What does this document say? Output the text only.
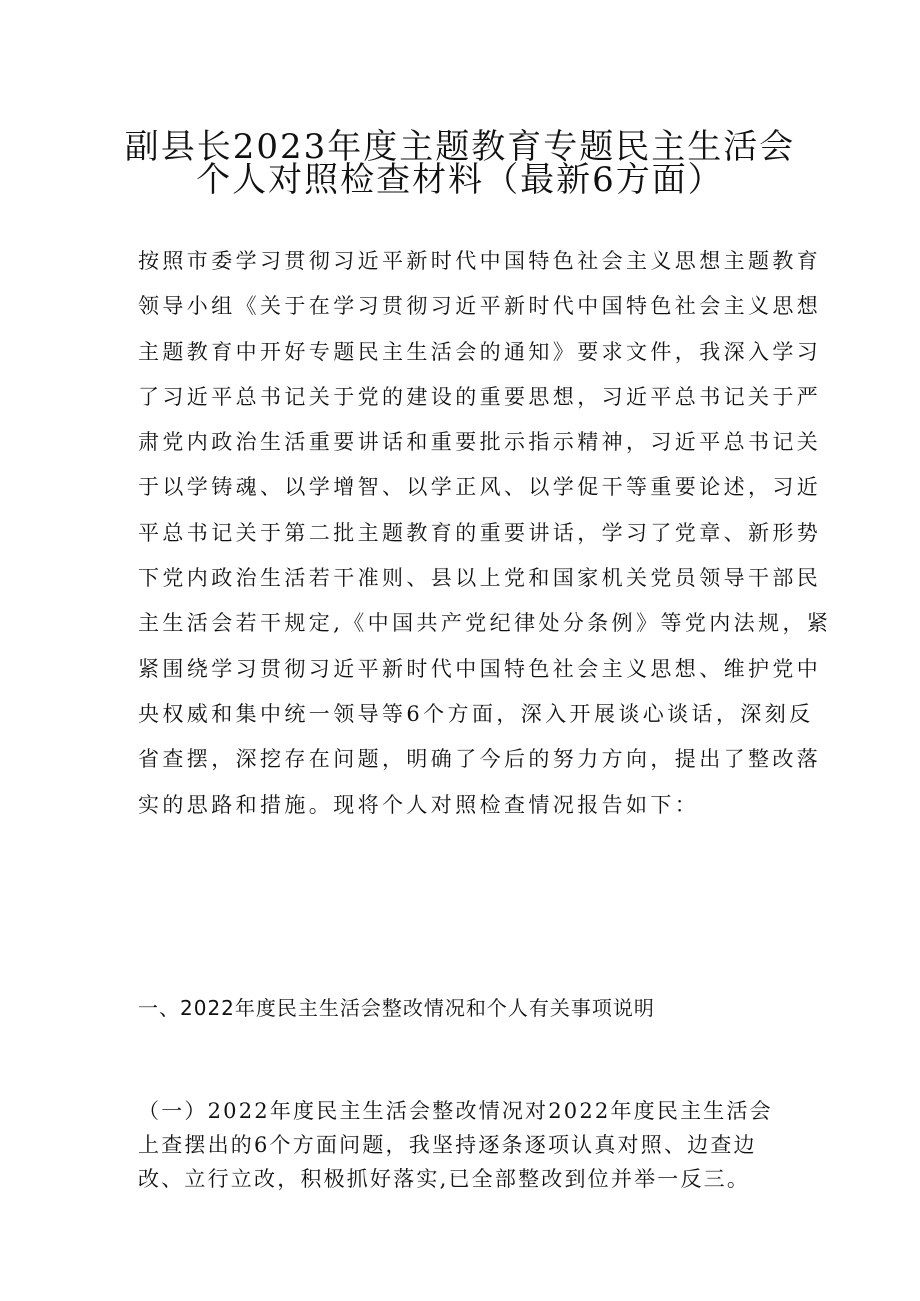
副县长2023年度主题教育专题民主生活会
个人对照检查材料（最新6方面）
按照市委学习贯彻习近平新时代中国特色社会主义思想主题教育
领导小组《关于在学习贯彻习近平新时代中国特色社会主义思想
主题教育中开好专题民主生活会的通知》要求文件，我深入学习
了习近平总书记关于党的建设的重要思想，习近平总书记关于严
肃党内政治生活重要讲话和重要批示指示精神，习近平总书记关
于以学铸魂、以学增智、以学正风、以学促干等重要论述，习近
平总书记关于第二批主题教育的重要讲话，学习了党章、新形势
下党内政治生活若干准则、县以上党和国家机关党员领导干部民
主生活会若干规定,《中国共产党纪律处分条例》等党内法规，紧
紧围绕学习贯彻习近平新时代中国特色社会主义思想、维护党中
央权威和集中统一领导等6个方面，深入开展谈心谈话，深刻反
省查摆，深挖存在问题，明确了今后的努力方向，提出了整改落
实的思路和措施。现将个人对照检查情况报告如下：
一、2022年度民主生活会整改情况和个人有关事项说明
（一）2022年度民主生活会整改情况对2022年度民主生活会
上查摆出的6个方面问题，我坚持逐条逐项认真对照、边查边
改、立行立改，积极抓好落实,已全部整改到位并举一反三。
